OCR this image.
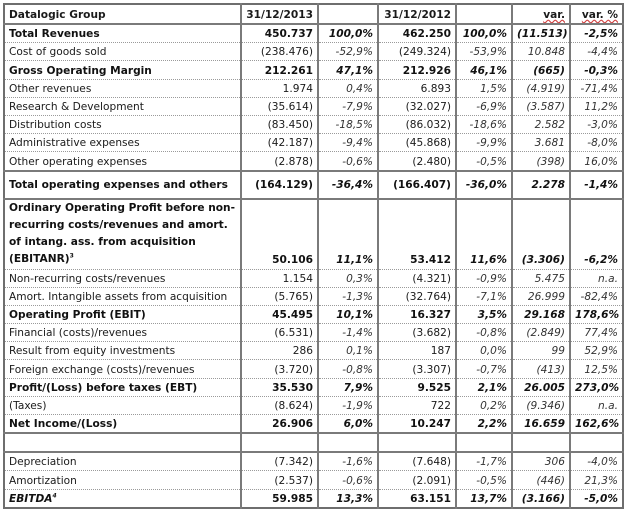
Datalogic Group	31/12/2013		31/12/2012		var.	var. %
Total Revenues	450.737	100,0%	462.250	100,0%	(11.513)	-2,5%
Cost of goods sold	(238.476)	-52,9%	(249.324)	-53,9%	10.848	-4,4%
Gross Operating Margin	212.261	47,1%	212.926	46,1%	(665)	-0,3%
Other revenues	1.974	0,4%	6.893	1,5%	(4.919)	-71,4%
Research & Development	(35.614)	-7,9%	(32.027)	-6,9%	(3.587)	11,2%
Distribution costs	(83.450)	-18,5%	(86.032)	-18,6%	2.582	-3,0%
Administrative expenses	(42.187)	-9,4%	(45.868)	-9,9%	3.681	-8,0%
Other operating expenses	(2.878)	-0,6%	(2.480)	-0,5%	(398)	16,0%
Total operating expenses and others	(164.129)	-36,4%	(166.407)	-36,0%	2.278	-1,4%
Ordinary Operating Profit before non-recurring costs/revenues and amort. of intang. ass. from acquisition (EBITANR)$^3$	50.106	11,1%	53.412	11,6%	(3.306)	-6,2%
Non-recurring costs/revenues	1.154	0,3%	(4.321)	-0,9%	5.475	n.a.
Amort. Intangible assets from acquisition	(5.765)	-1,3%	(32.764)	-7,1%	26.999	-82,4%
Operating Profit (EBIT)	45.495	10,1%	16.327	3,5%	29.168	178,6%
Financial (costs)/revenues	(6.531)	-1,4%	(3.682)	-0,8%	(2.849)	77,4%
Result from equity investments	286	0,1%	187	0,0%	99	52,9%
Foreign exchange (costs)/revenues	(3.720)	-0,8%	(3.307)	-0,7%	(413)	12,5%
Profit/(Loss) before taxes (EBT)	35.530	7,9%	9.525	2,1%	26.005	273,0%
(Taxes)	(8.624)	-1,9%	722	0,2%	(9.346)	n.a.
Net Income/(Loss)	26.906	6,0%	10.247	2,2%	16.659	162,6%

Depreciation	(7.342)	-1,6%	(7.648)	-1,7%	306	-4,0%
Amortization	(2.537)	-0,6%	(2.091)	-0,5%	(446)	21,3%
EBITDA$^4$	59.985	13,3%	63.151	13,7%	(3.166)	-5,0%
